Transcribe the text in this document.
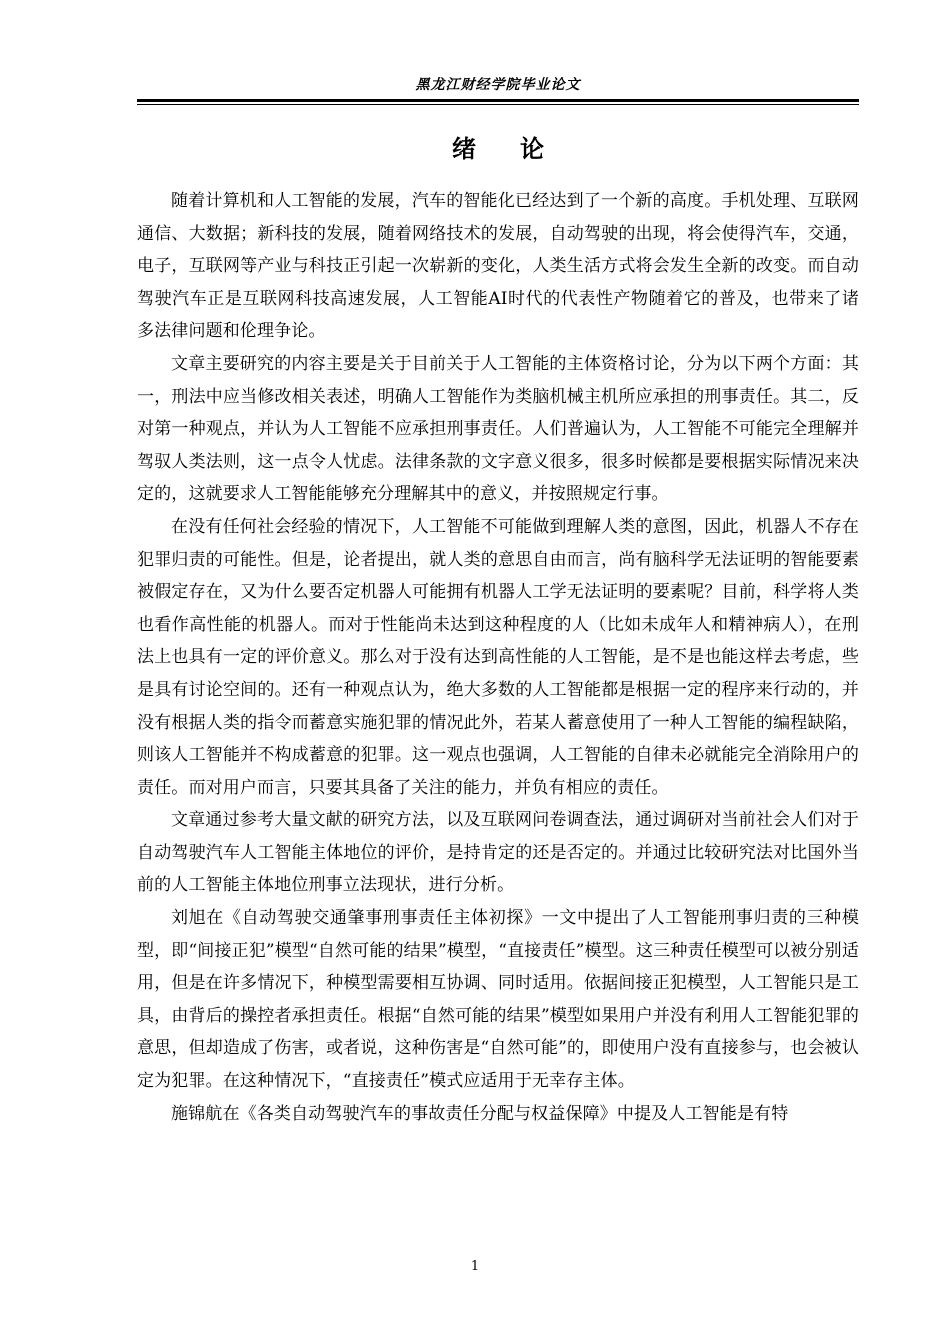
黑龙江财经学院毕业论文
绪论

随着计算机和人工智能的发展，汽车的智能化已经达到了一个新的高度。手机处理、互联网通信、大数据；新科技的发展，随着网络技术的发展，自动驾驶的出现，将会使得汽车，交通，电子，互联网等产业与科技正引起一次崭新的变化，人类生活方式将会发生全新的改变。而自动驾驶汽车正是互联网科技高速发展，人工智能AI时代的代表性产物随着它的普及，也带来了诸多法律问题和伦理争论。

文章主要研究的内容主要是关于目前关于人工智能的主体资格讨论，分为以下两个方面：其一，刑法中应当修改相关表述，明确人工智能作为类脑机械主机所应承担的刑事责任。其二，反对第一种观点，并认为人工智能不应承担刑事责任。人们普遍认为，人工智能不可能完全理解并驾驭人类法则，这一点令人忧虑。法律条款的文字意义很多，很多时候都是要根据实际情况来决定的，这就要求人工智能能够充分理解其中的意义，并按照规定行事。

在没有任何社会经验的情况下，人工智能不可能做到理解人类的意图，因此，机器人不存在犯罪归责的可能性。但是，论者提出，就人类的意思自由而言，尚有脑科学无法证明的智能要素被假定存在，又为什么要否定机器人可能拥有机器人工学无法证明的要素呢？目前，科学将人类也看作高性能的机器人。而对于性能尚未达到这种程度的人（比如未成年人和精神病人），在刑法上也具有一定的评价意义。那么对于没有达到高性能的人工智能，是不是也能这样去考虑，些是具有讨论空间的。还有一种观点认为，绝大多数的人工智能都是根据一定的程序来行动的，并没有根据人类的指令而蓄意实施犯罪的情况此外，若某人蓄意使用了一种人工智能的编程缺陷，则该人工智能并不构成蓄意的犯罪。这一观点也强调，人工智能的自律未必就能完全消除用户的责任。而对用户而言，只要其具备了关注的能力，并负有相应的责任。

文章通过参考大量文献的研究方法，以及互联网问卷调查法，通过调研对当前社会人们对于自动驾驶汽车人工智能主体地位的评价，是持肯定的还是否定的。并通过比较研究法对比国外当前的人工智能主体地位刑事立法现状，进行分析。

刘旭在《自动驾驶交通肇事刑事责任主体初探》一文中提出了人工智能刑事归责的三种模型，即“间接正犯”模型“自然可能的结果”模型，“直接责任”模型。这三种责任模型可以被分别适用，但是在许多情况下，种模型需要相互协调、同时适用。依据间接正犯模型，人工智能只是工具，由背后的操控者承担责任。根据“自然可能的结果”模型如果用户并没有利用人工智能犯罪的意思，但却造成了伤害，或者说，这种伤害是“自然可能”的，即使用户没有直接参与，也会被认定为犯罪。在这种情况下，“直接责任”模式应适用于无幸存主体。

施锦航在《各类自动驾驶汽车的事故责任分配与权益保障》中提及人工智能是有特

1
